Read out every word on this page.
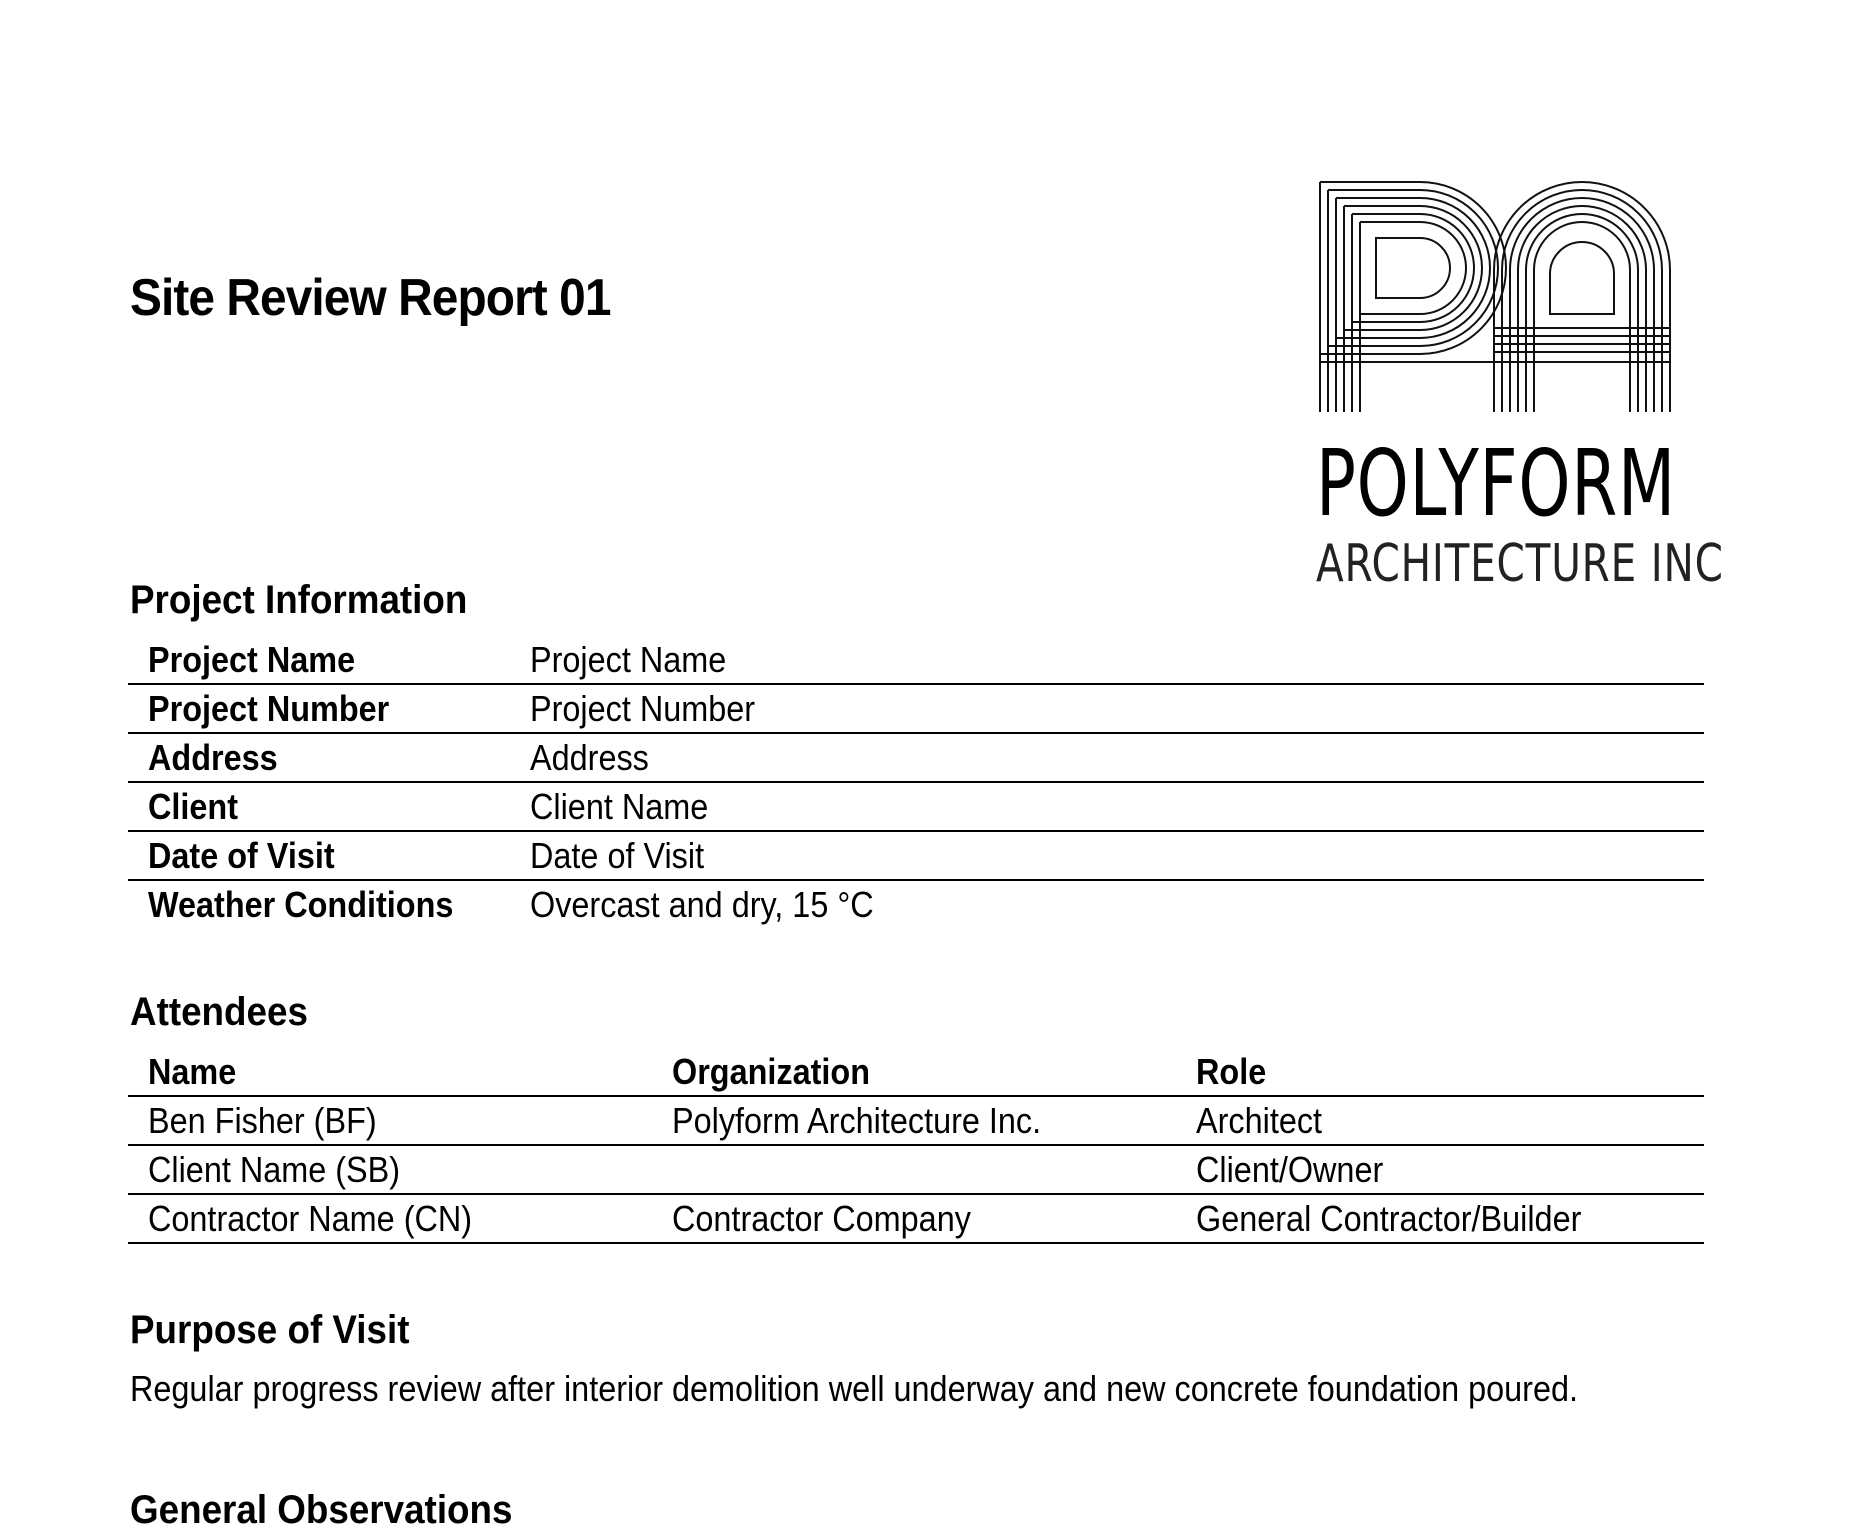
Site Review Report 01
POLYFORM
ARCHITECTURE INC
Project Information
Project Name	Project Name
Project Number	Project Number
Address	Address
Client	Client Name
Date of Visit	Date of Visit
Weather Conditions	Overcast and dry, 15 °C
Attendees
Name	Organization	Role
Ben Fisher (BF)	Polyform Architecture Inc.	Architect
Client Name (SB)		Client/Owner
Contractor Name (CN)	Contractor Company	General Contractor/Builder
Purpose of Visit

Regular progress review after interior demolition well underway and new concrete foundation poured.

General Observations
